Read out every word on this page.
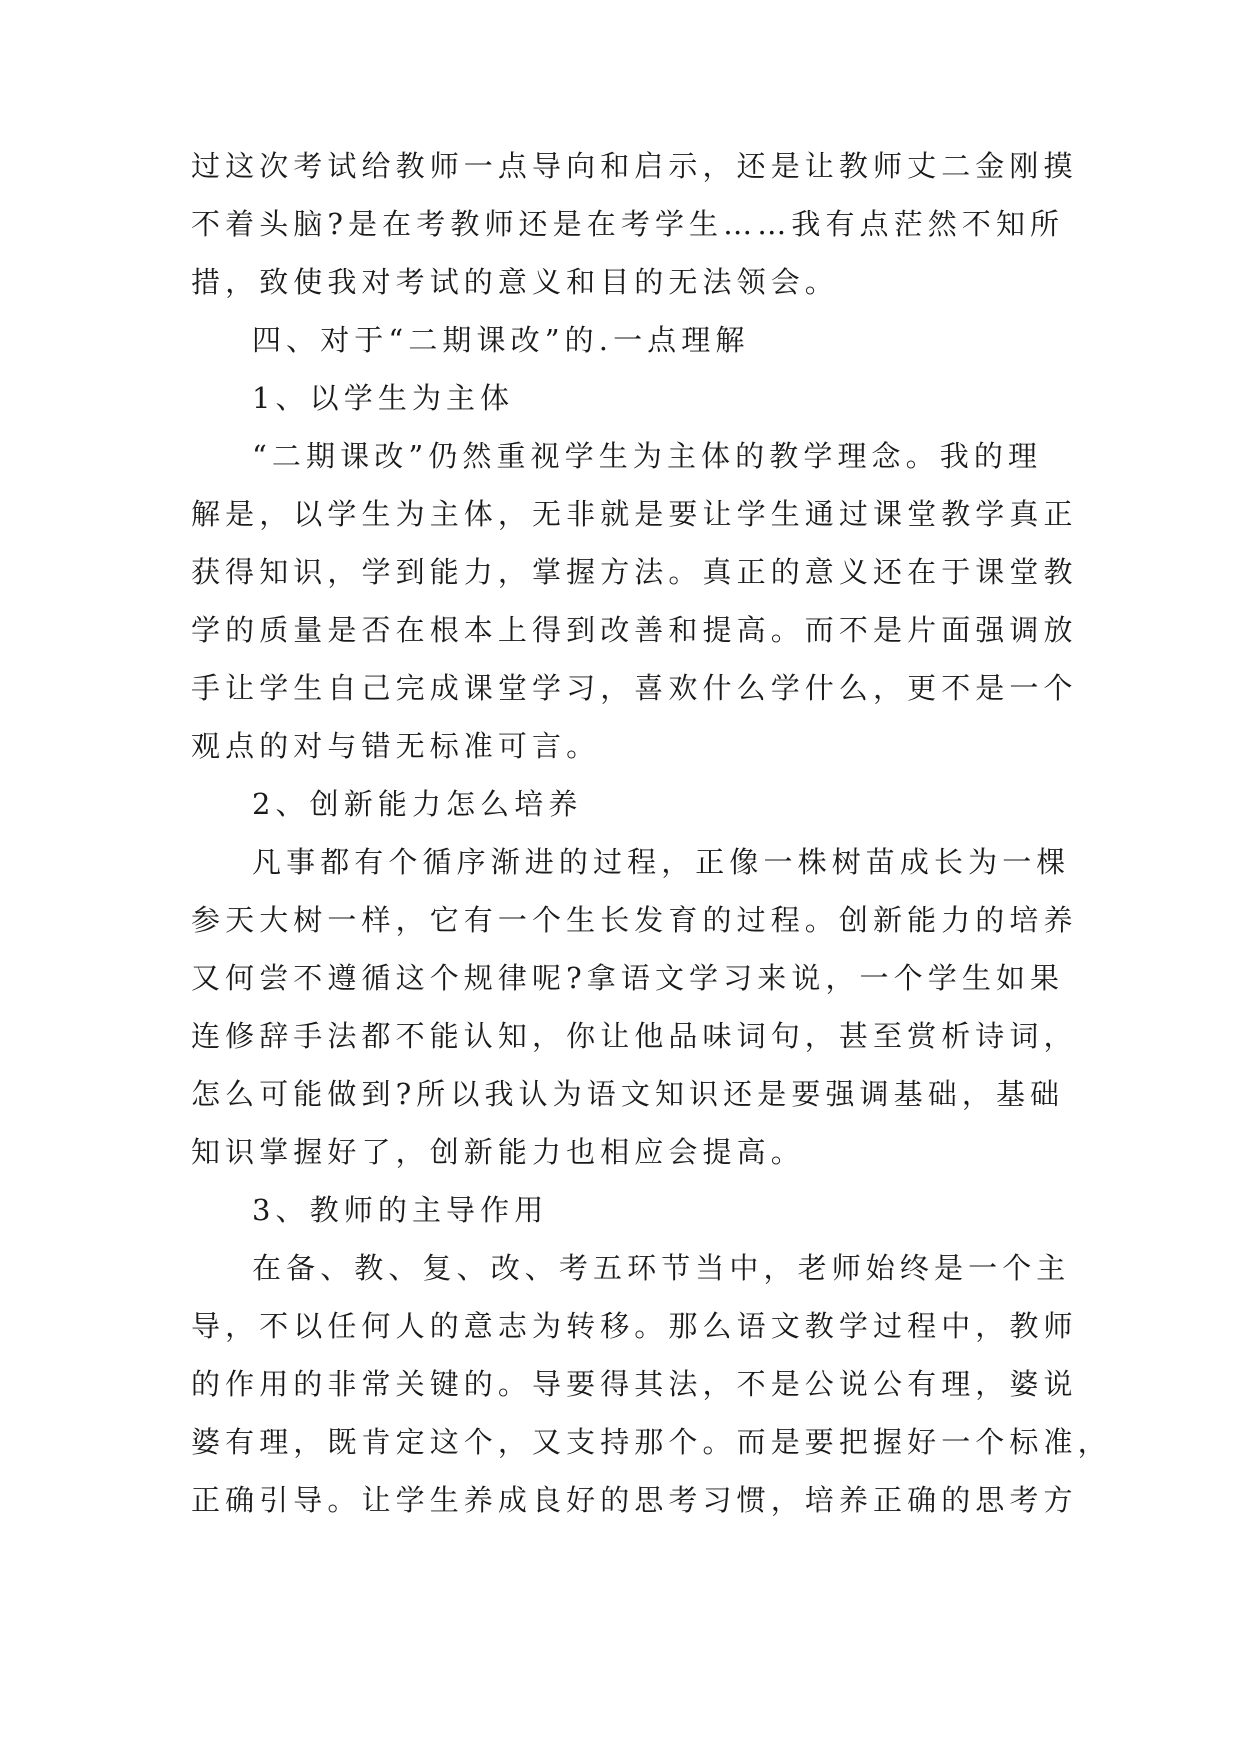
过这次考试给教师一点导向和启示，还是让教师丈二金刚摸
不着头脑?是在考教师还是在考学生……我有点茫然不知所
措，致使我对考试的意义和目的无法领会。
四、对于“二期课改”的.一点理解
1、以学生为主体
“二期课改”仍然重视学生为主体的教学理念。我的理
解是，以学生为主体，无非就是要让学生通过课堂教学真正
获得知识，学到能力，掌握方法。真正的意义还在于课堂教
学的质量是否在根本上得到改善和提高。而不是片面强调放
手让学生自己完成课堂学习，喜欢什么学什么，更不是一个
观点的对与错无标准可言。
2、创新能力怎么培养
凡事都有个循序渐进的过程，正像一株树苗成长为一棵
参天大树一样，它有一个生长发育的过程。创新能力的培养
又何尝不遵循这个规律呢?拿语文学习来说，一个学生如果
连修辞手法都不能认知，你让他品味词句，甚至赏析诗词，
怎么可能做到?所以我认为语文知识还是要强调基础，基础
知识掌握好了，创新能力也相应会提高。
3、教师的主导作用
在备、教、复、改、考五环节当中，老师始终是一个主
导，不以任何人的意志为转移。那么语文教学过程中，教师
的作用的非常关键的。导要得其法，不是公说公有理，婆说
婆有理，既肯定这个，又支持那个。而是要把握好一个标准，
正确引导。让学生养成良好的思考习惯，培养正确的思考方
